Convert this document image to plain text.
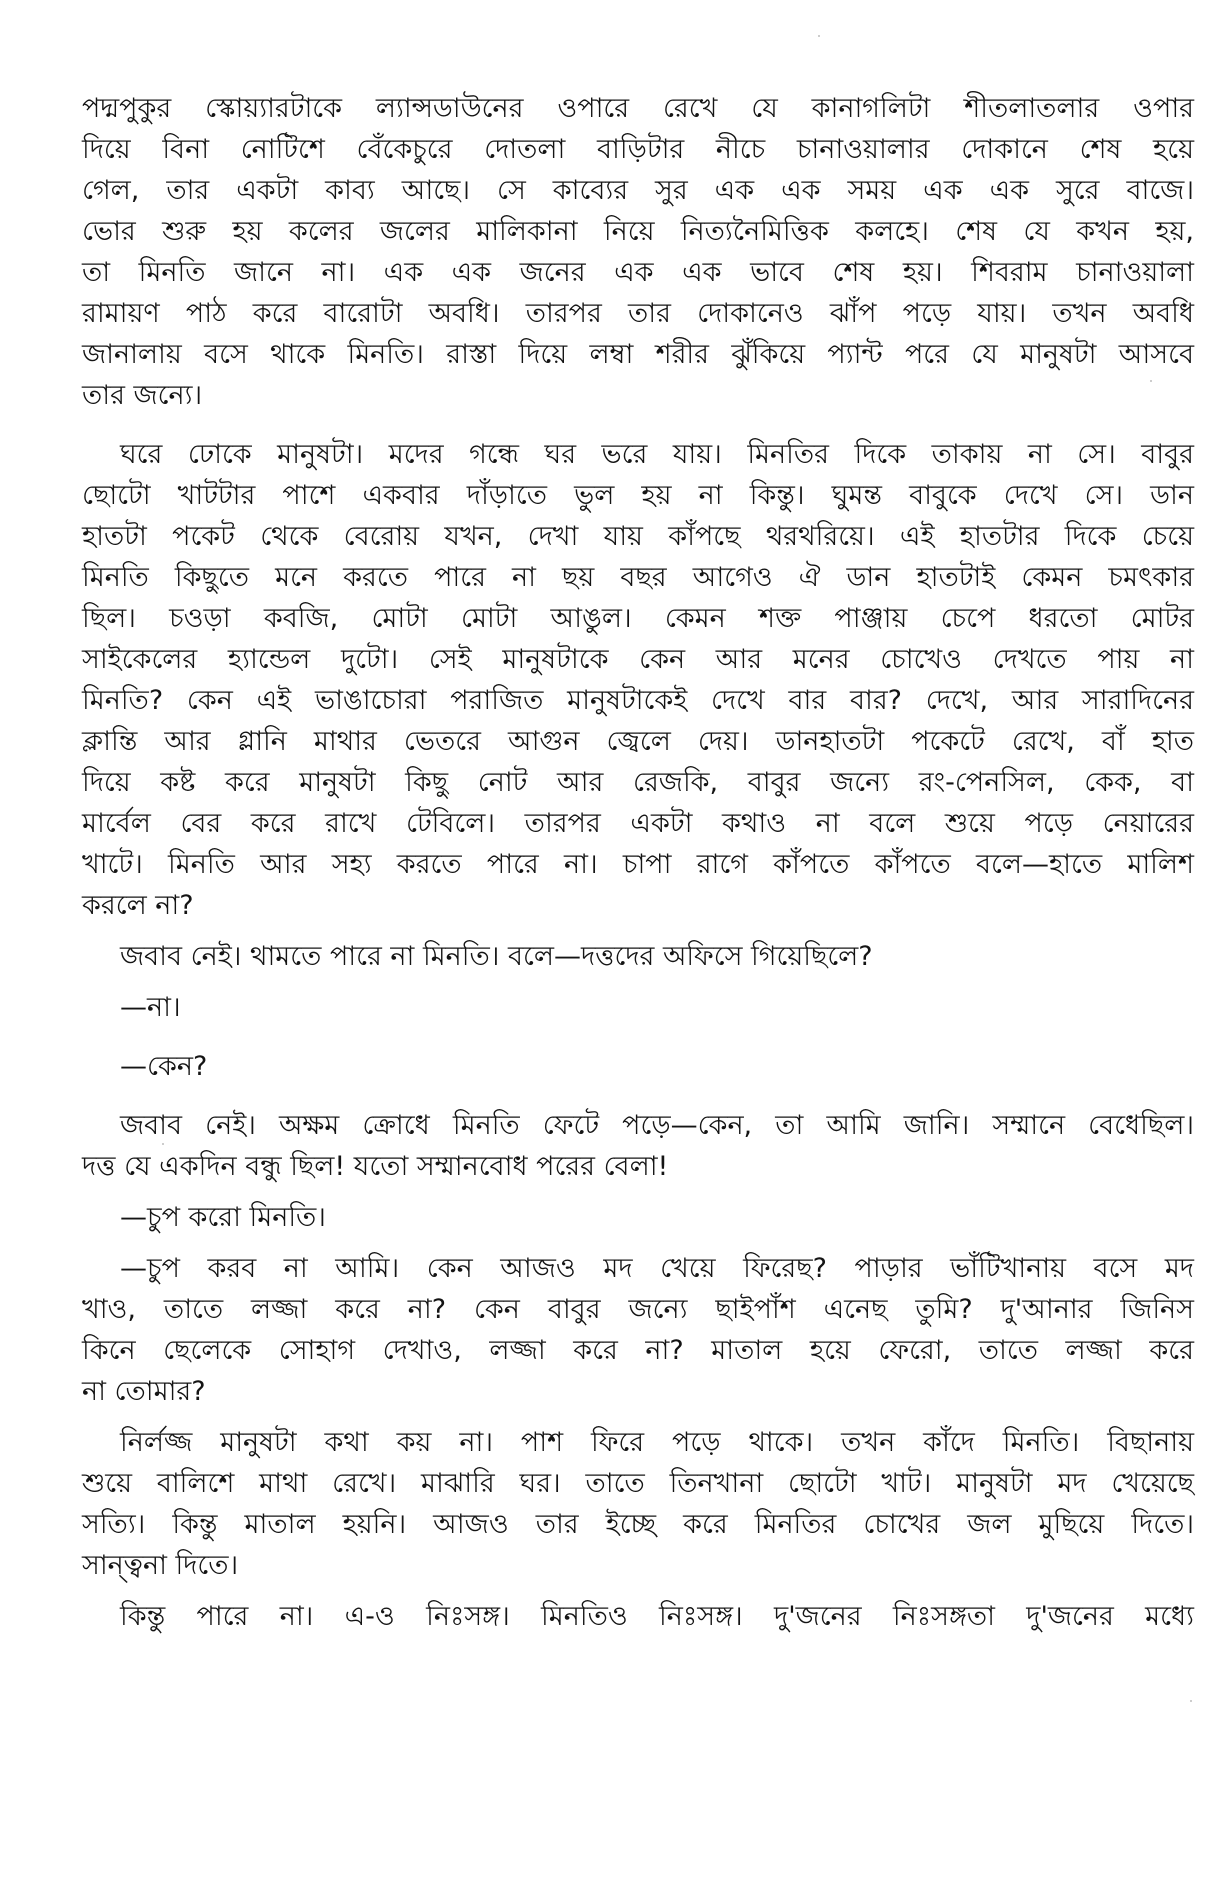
পদ্মপুকুর স্কোয়্যারটাকে ল্যান্সডাউনের ওপারে রেখে যে কানাগলিটা শীতলাতলার ওপার
দিয়ে বিনা নোটিশে বেঁকেচুরে দোতলা বাড়িটার নীচে চানাওয়ালার দোকানে শেষ হয়ে
গেল, তার একটা কাব্য আছে। সে কাব্যের সুর এক এক সময় এক এক সুরে বাজে।
ভোর শুরু হয় কলের জলের মালিকানা নিয়ে নিত্যনৈমিত্তিক কলহে। শেষ যে কখন হয়,
তা মিনতি জানে না। এক এক জনের এক এক ভাবে শেষ হয়। শিবরাম চানাওয়ালা
রামায়ণ পাঠ করে বারোটা অবধি। তারপর তার দোকানেও ঝাঁপ পড়ে যায়। তখন অবধি
জানালায় বসে থাকে মিনতি। রাস্তা দিয়ে লম্বা শরীর ঝুঁকিয়ে প্যান্ট পরে যে মানুষটা আসবে
তার জন্যে।
ঘরে ঢোকে মানুষটা। মদের গন্ধে ঘর ভরে যায়। মিনতির দিকে তাকায় না সে। বাবুর
ছোটো খাটটার পাশে একবার দাঁড়াতে ভুল হয় না কিন্তু। ঘুমন্ত বাবুকে দেখে সে। ডান
হাতটা পকেট থেকে বেরোয় যখন, দেখা যায় কাঁপছে থরথরিয়ে। এই হাতটার দিকে চেয়ে
মিনতি কিছুতে মনে করতে পারে না ছয় বছর আগেও ঐ ডান হাতটাই কেমন চমৎকার
ছিল। চওড়া কবজি, মোটা মোটা আঙুল। কেমন শক্ত পাঞ্জায় চেপে ধরতো মোটর
সাইকেলের হ্যান্ডেল দুটো। সেই মানুষটাকে কেন আর মনের চোখেও দেখতে পায় না
মিনতি? কেন এই ভাঙাচোরা পরাজিত মানুষটাকেই দেখে বার বার? দেখে, আর সারাদিনের
ক্লান্তি আর গ্লানি মাথার ভেতরে আগুন জ্বেলে দেয়। ডানহাতটা পকেটে রেখে, বাঁ হাত
দিয়ে কষ্ট করে মানুষটা কিছু নোট আর রেজকি, বাবুর জন্যে রং-পেনসিল, কেক, বা
মার্বেল বের করে রাখে টেবিলে। তারপর একটা কথাও না বলে শুয়ে পড়ে নেয়ারের
খাটে। মিনতি আর সহ্য করতে পারে না। চাপা রাগে কাঁপতে কাঁপতে বলে—হাতে মালিশ
করলে না?
জবাব নেই। থামতে পারে না মিনতি। বলে—দত্তদের অফিসে গিয়েছিলে?
—না।
—কেন?
জবাব নেই। অক্ষম ক্রোধে মিনতি ফেটে পড়ে—কেন, তা আমি জানি। সম্মানে বেধেছিল।
দত্ত যে একদিন বন্ধু ছিল! যতো সম্মানবোধ পরের বেলা!
—চুপ করো মিনতি।
—চুপ করব না আমি। কেন আজও মদ খেয়ে ফিরেছ? পাড়ার ভাঁটিখানায় বসে মদ
খাও, তাতে লজ্জা করে না? কেন বাবুর জন্যে ছাইপাঁশ এনেছ তুমি? দু'আনার জিনিস
কিনে ছেলেকে সোহাগ দেখাও, লজ্জা করে না? মাতাল হয়ে ফেরো, তাতে লজ্জা করে
না তোমার?
নির্লজ্জ মানুষটা কথা কয় না। পাশ ফিরে পড়ে থাকে। তখন কাঁদে মিনতি। বিছানায়
শুয়ে বালিশে মাথা রেখে। মাঝারি ঘর। তাতে তিনখানা ছোটো খাট। মানুষটা মদ খেয়েছে
সত্যি। কিন্তু মাতাল হয়নি। আজও তার ইচ্ছে করে মিনতির চোখের জল মুছিয়ে দিতে।
সান্ত্বনা দিতে।
কিন্তু পারে না। এ-ও নিঃসঙ্গ। মিনতিও নিঃসঙ্গ। দু'জনের নিঃসঙ্গতা দু'জনের মধ্যে
